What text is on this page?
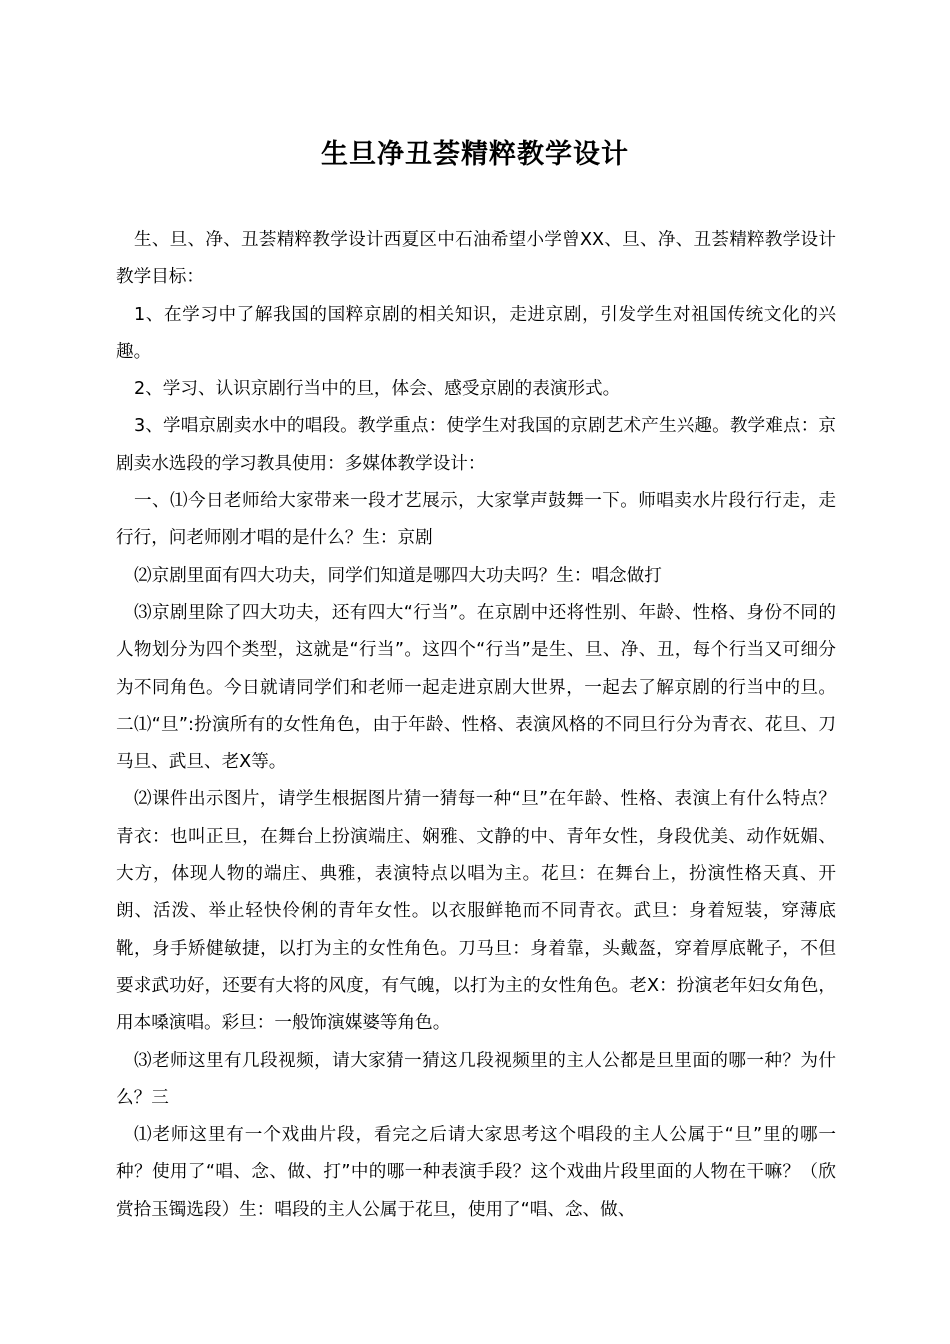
生旦净丑荟精粹教学设计

生、旦、净、丑荟精粹教学设计西夏区中石油希望小学曾XX、旦、净、丑荟精粹教学设计教学目标：

1、在学习中了解我国的国粹京剧的相关知识，走进京剧，引发学生对祖国传统文化的兴趣。

2、学习、认识京剧行当中的旦，体会、感受京剧的表演形式。

3、学唱京剧卖水中的唱段。教学重点：使学生对我国的京剧艺术产生兴趣。教学难点：京剧卖水选段的学习教具使用：多媒体教学设计：

一、⑴今日老师给大家带来一段才艺展示，大家掌声鼓舞一下。师唱卖水片段行行走，走行行，问老师刚才唱的是什么？生：京剧

⑵京剧里面有四大功夫，同学们知道是哪四大功夫吗？生：唱念做打

⑶京剧里除了四大功夫，还有四大“行当”。在京剧中还将性别、年龄、性格、身份不同的人物划分为四个类型，这就是“行当”。这四个“行当”是生、旦、净、丑，每个行当又可细分为不同角色。今日就请同学们和老师一起走进京剧大世界，一起去了解京剧的行当中的旦。二⑴“旦”:扮演所有的女性角色，由于年龄、性格、表演风格的不同旦行分为青衣、花旦、刀马旦、武旦、老X等。

⑵课件出示图片，请学生根据图片猜一猜每一种“旦”在年龄、性格、表演上有什么特点？青衣：也叫正旦，在舞台上扮演端庄、娴雅、文静的中、青年女性，身段优美、动作妩媚、大方，体现人物的端庄、典雅，表演特点以唱为主。花旦：在舞台上，扮演性格天真、开朗、活泼、举止轻快伶俐的青年女性。以衣服鲜艳而不同青衣。武旦：身着短装，穿薄底靴，身手矫健敏捷，以打为主的女性角色。刀马旦：身着靠，头戴盔，穿着厚底靴子，不但要求武功好，还要有大将的风度，有气魄，以打为主的女性角色。老X：扮演老年妇女角色，用本嗓演唱。彩旦：一般饰演媒婆等角色。

⑶老师这里有几段视频，请大家猜一猜这几段视频里的主人公都是旦里面的哪一种？为什么？三

⑴老师这里有一个戏曲片段，看完之后请大家思考这个唱段的主人公属于“旦”里的哪一种？使用了“唱、念、做、打”中的哪一种表演手段？这个戏曲片段里面的人物在干嘛？（欣赏拾玉镯选段）生：唱段的主人公属于花旦，使用了“唱、念、做、
